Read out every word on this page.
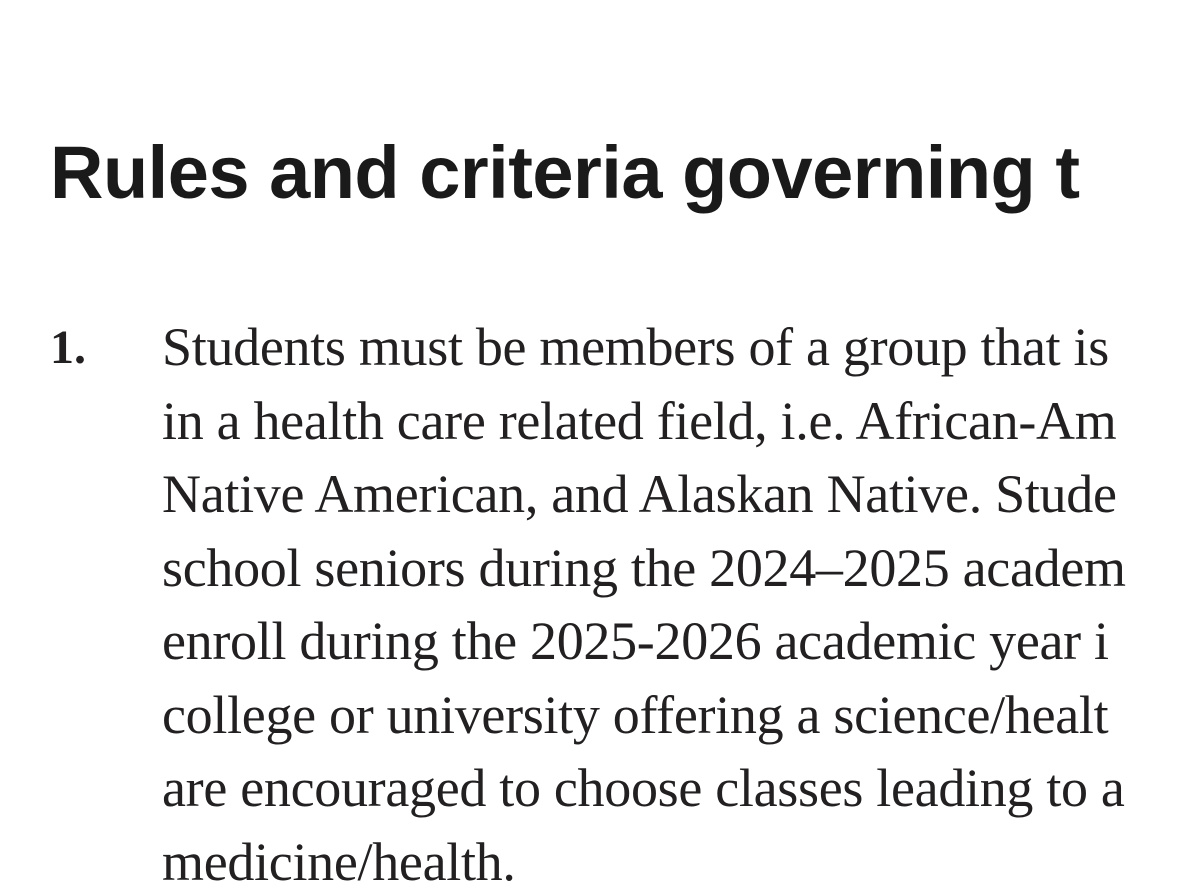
Rules and criteria governing t
1. Students must be members of a group that is
in a health care related field, i.e. African-Am
Native American, and Alaskan Native. Stude
school seniors during the 2024–2025 academ
enroll during the 2025-2026 academic year i
college or university offering a science/healt
are encouraged to choose classes leading to a
medicine/health.
